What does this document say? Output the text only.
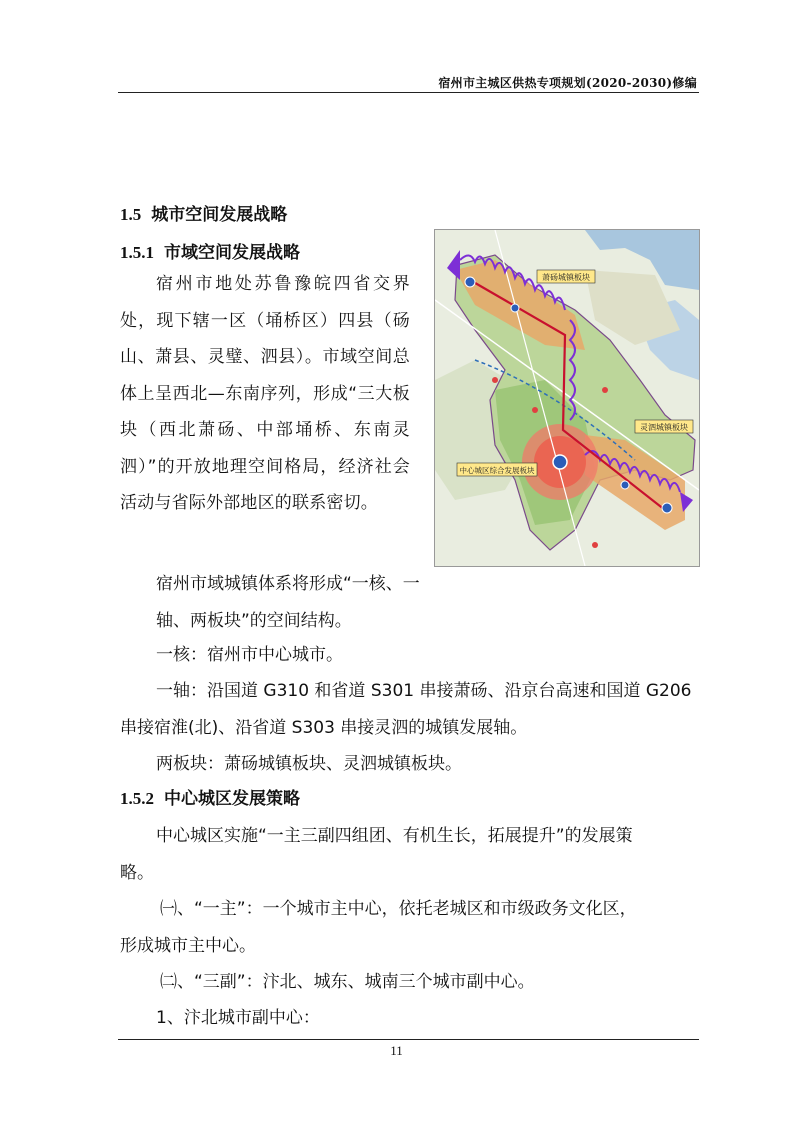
宿州市主城区供热专项规划(2020-2030)修编
1.5 城市空间发展战略
1.5.1 市域空间发展战略

宿州市地处苏鲁豫皖四省交界处，现下辖一区（埇桥区）四县（砀山、萧县、灵璧、泗县）。市域空间总体上呈西北—东南序列，形成“三大板块（西北萧砀、中部埇桥、东南灵泗）”的开放地理空间格局，经济社会活动与省际外部地区的联系密切。

宿州市域城镇体系将形成“一核、一轴、两板块”的空间结构。

一核：宿州市中心城市。

一轴：沿国道 G310 和省道 S301 串接萧砀、沿京台高速和国道 G206

串接宿淮(北)、沿省道 S303 串接灵泗的城镇发展轴。

两板块：萧砀城镇板块、灵泗城镇板块。

1.5.2 中心城区发展策略

中心城区实施“一主三副四组团、有机生长，拓展提升”的发展策

略。

㈠、“一主”：一个城市主中心，依托老城区和市级政务文化区，

形成城市主中心。

㈡、“三副”：汴北、城东、城南三个城市副中心。

1、汴北城市副中心：

萧砀城镇板块
灵泗城镇板块
中心城区综合发展板块
11
